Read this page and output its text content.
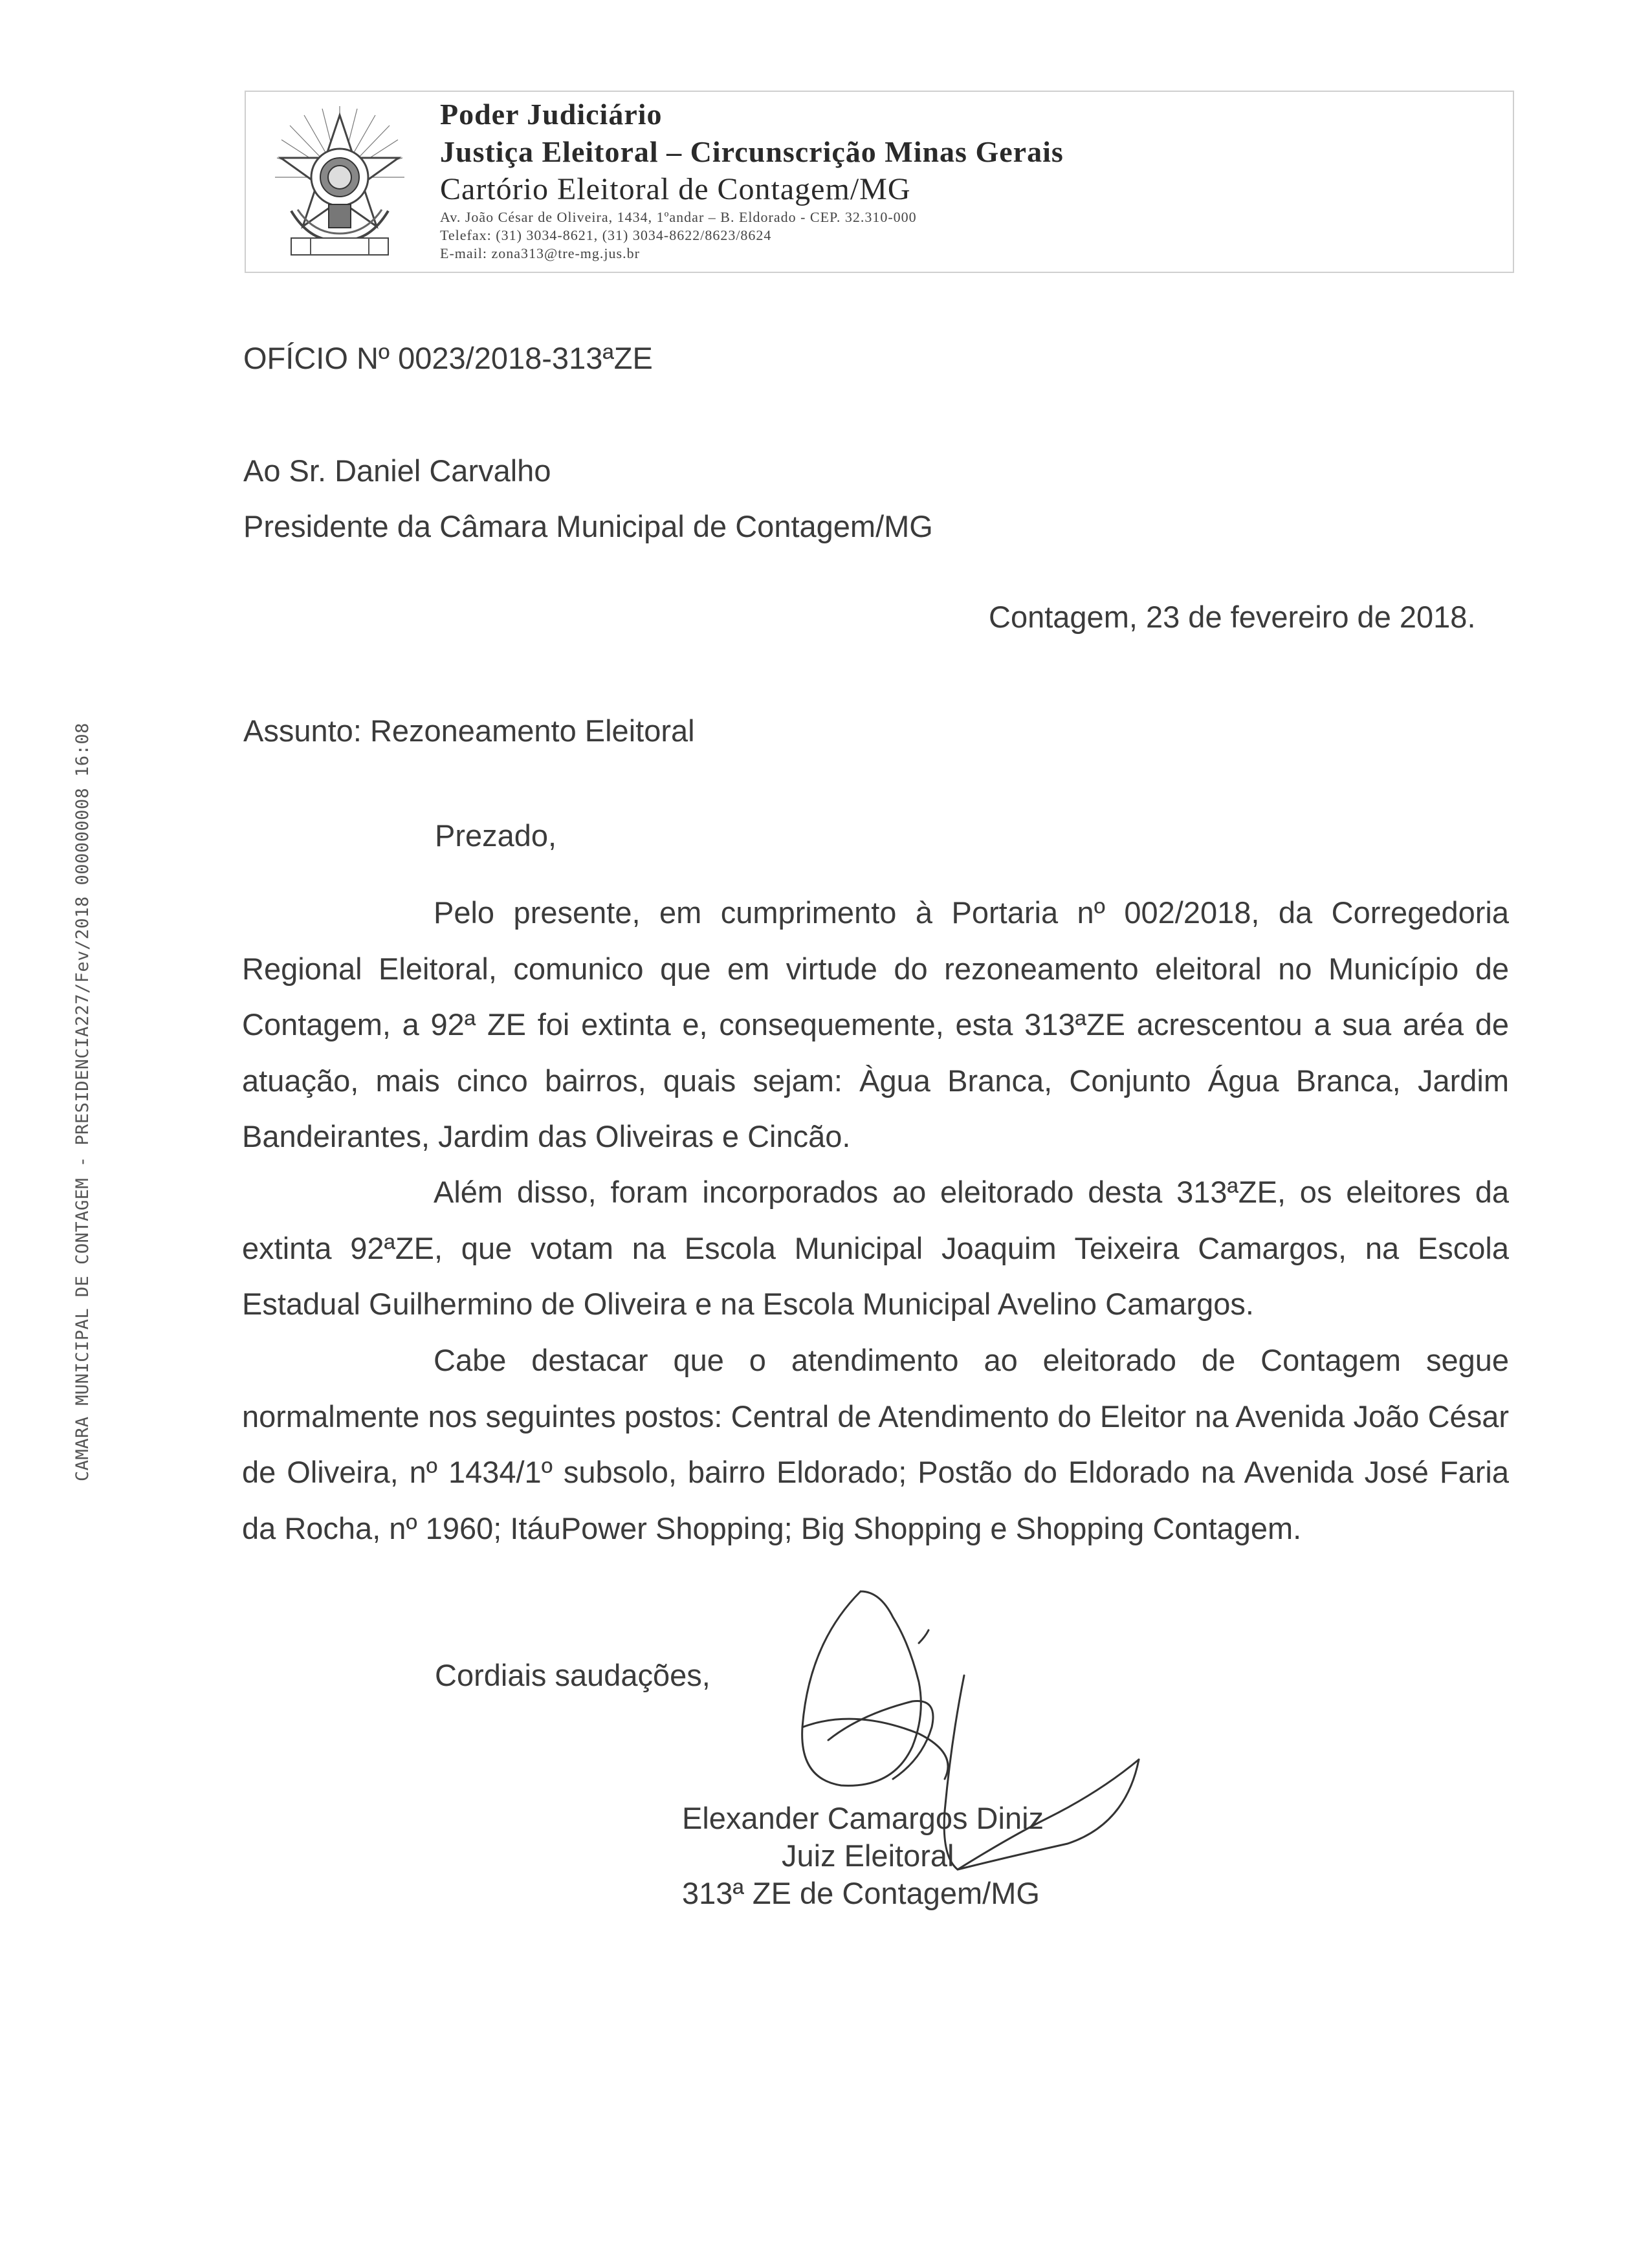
Poder Judiciário
Justiça Eleitoral – Circunscrição Minas Gerais
Cartório Eleitoral de Contagem/MG
Av. João César de Oliveira, 1434, 1ºandar – B. Eldorado - CEP. 32.310-000
Telefax: (31) 3034-8621, (31) 3034-8622/8623/8624
E-mail: zona313@tre-mg.jus.br
OFÍCIO Nº 0023/2018-313ªZE
Ao Sr. Daniel Carvalho
Presidente da Câmara Municipal de Contagem/MG
Contagem, 23 de fevereiro de 2018.
Assunto: Rezoneamento Eleitoral
Prezado,

Pelo presente, em cumprimento à Portaria nº 002/2018, da Corregedoria Regional Eleitoral, comunico que em virtude do rezoneamento eleitoral no Município de Contagem, a 92ª ZE foi extinta e, consequemente, esta 313ªZE acrescentou a sua aréa de atuação, mais cinco bairros, quais sejam: Àgua Branca, Conjunto Água Branca, Jardim Bandeirantes, Jardim das Oliveiras e Cincão.

Além disso, foram incorporados ao eleitorado desta 313ªZE, os eleitores da extinta 92ªZE, que votam na Escola Municipal Joaquim Teixeira Camargos, na Escola Estadual Guilhermino de Oliveira e na Escola Municipal Avelino Camargos.

Cabe destacar que o atendimento ao eleitorado de Contagem segue normalmente nos seguintes postos: Central de Atendimento do Eleitor na Avenida João César de Oliveira, nº 1434/1º subsolo, bairro Eldorado; Postão do Eldorado na Avenida José Faria da Rocha, nº 1960; ItáuPower Shopping; Big Shopping e Shopping Contagem.

Cordiais saudações,
Elexander Camargos Diniz
Juiz Eleitoral
313ª ZE de Contagem/MG
CAMARA MUNICIPAL DE CONTAGEM - PRESIDENCIA227/Fev/2018 000000008 16:08
